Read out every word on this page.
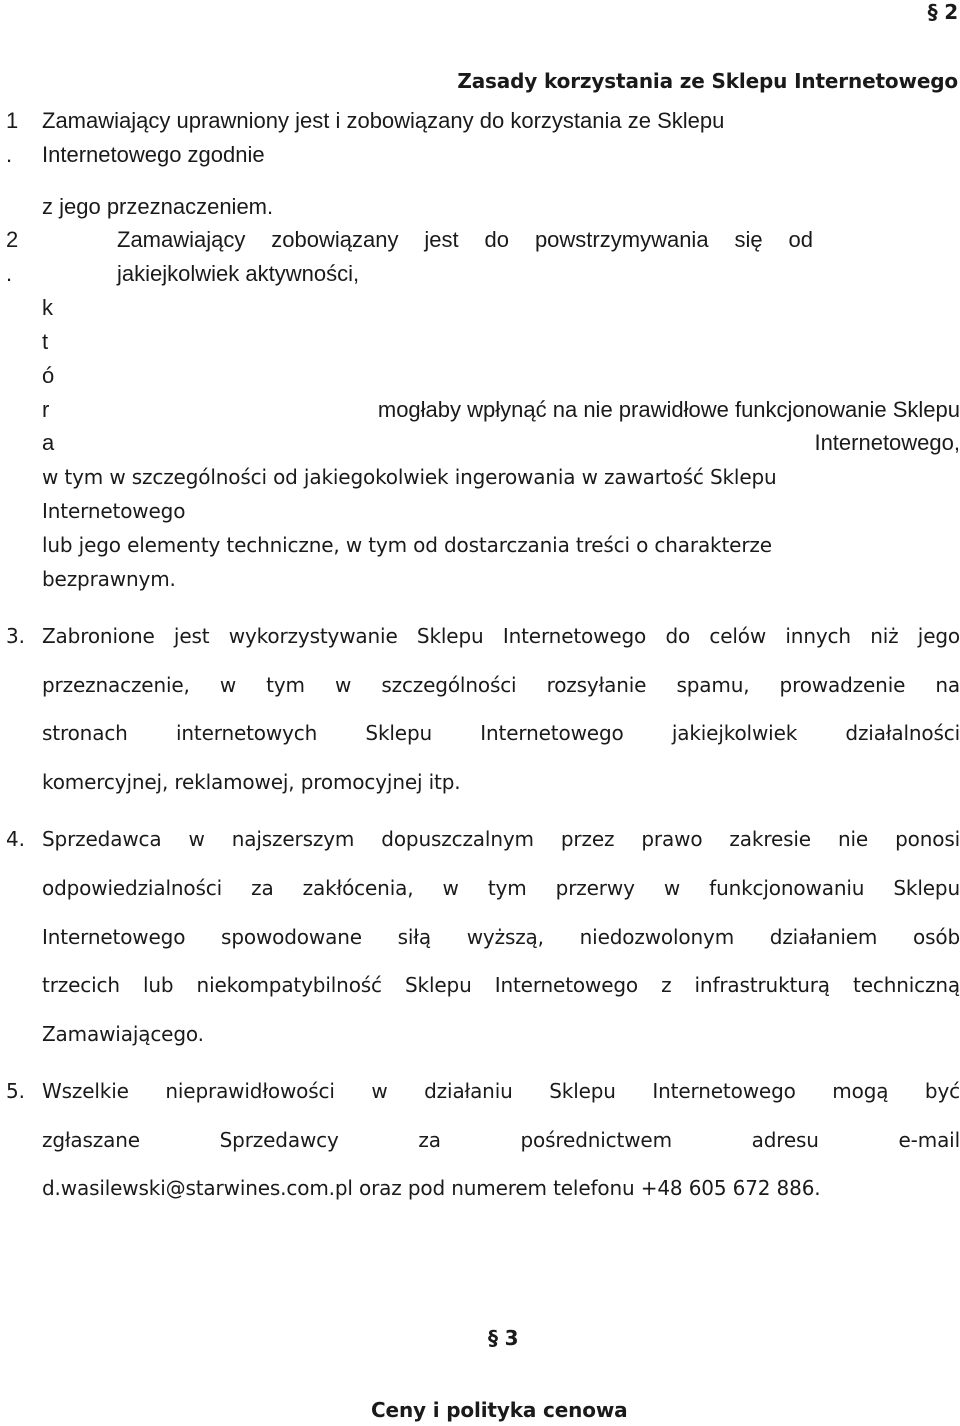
§ 2
Zasady korzystania ze Sklepu Internetowego
1
.
Zamawiający uprawniony jest i zobowiązany do korzystania ze Sklepu
Internetowego zgodnie
z jego przeznaczeniem.
2
.
Zamawiający zobowiązany jest do powstrzymywania się od
jakiejkolwiek aktywności,
k
t
ó
r
a
mogłaby wpłynąć na nie prawidłowe funkcjonowanie Sklepu
Internetowego,
w tym w szczególności od jakiegokolwiek ingerowania w zawartość Sklepu
Internetowego
lub jego elementy techniczne, w tym od dostarczania treści o charakterze
bezprawnym.
3. Zabronione jest wykorzystywanie Sklepu Internetowego do celów innych niż jego
przeznaczenie, w tym w szczególności rozsyłanie spamu, prowadzenie na
stronach internetowych Sklepu Internetowego jakiejkolwiek działalności
komercyjnej, reklamowej, promocyjnej itp.
4. Sprzedawca w najszerszym dopuszczalnym przez prawo zakresie nie ponosi
odpowiedzialności za zakłócenia, w tym przerwy w funkcjonowaniu Sklepu
Internetowego spowodowane siłą wyższą, niedozwolonym działaniem osób
trzecich lub niekompatybilność Sklepu Internetowego z infrastrukturą techniczną
Zamawiającego.
5. Wszelkie nieprawidłowości w działaniu Sklepu Internetowego mogą być
zgłaszane Sprzedawcy za pośrednictwem adresu e-mail
d.wasilewski@starwines.com.pl oraz pod numerem telefonu +48 605 672 886.
§ 3
Ceny i polityka cenowa
